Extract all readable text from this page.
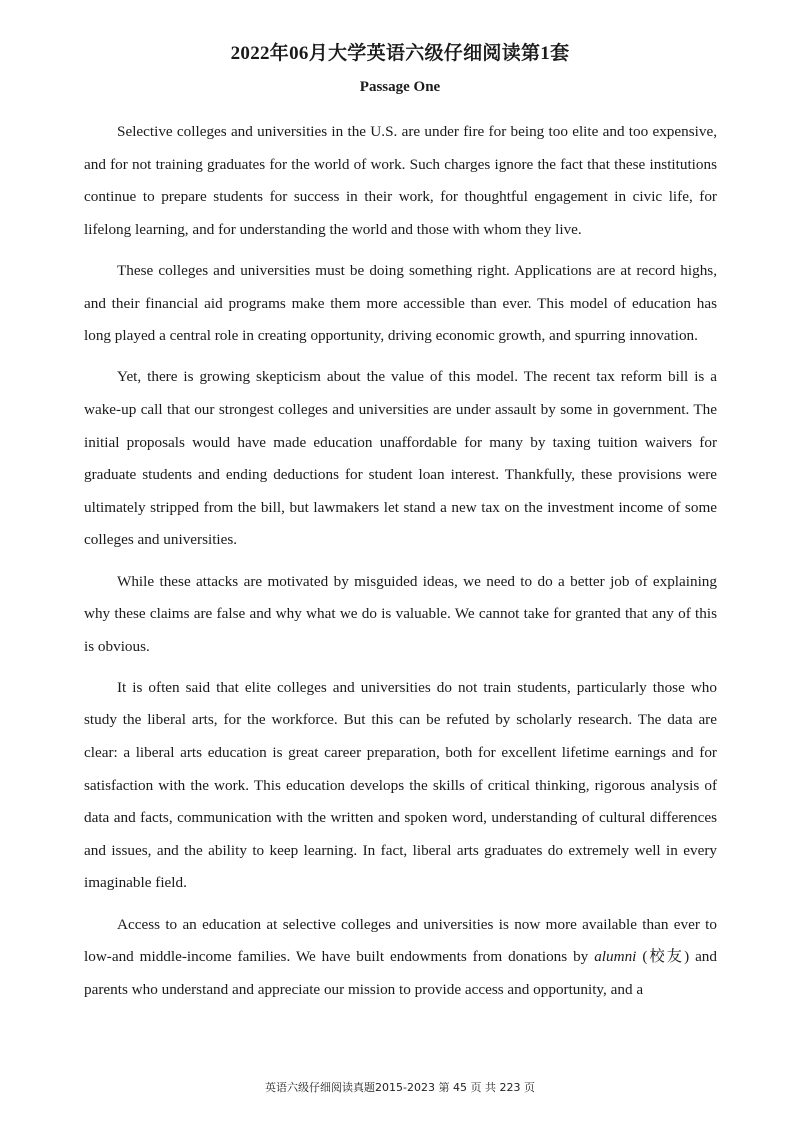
2022年06月大学英语六级仔细阅读第1套
Passage One

Selective colleges and universities in the U.S. are under fire for being too elite and too expensive, and for not training graduates for the world of work. Such charges ignore the fact that these institutions continue to prepare students for success in their work, for thoughtful engagement in civic life, for lifelong learning, and for understanding the world and those with whom they live.

These colleges and universities must be doing something right. Applications are at record highs, and their financial aid programs make them more accessible than ever. This model of education has long played a central role in creating opportunity, driving economic growth, and spurring innovation.

Yet, there is growing skepticism about the value of this model. The recent tax reform bill is a wake-up call that our strongest colleges and universities are under assault by some in government. The initial proposals would have made education unaffordable for many by taxing tuition waivers for graduate students and ending deductions for student loan interest. Thankfully, these provisions were ultimately stripped from the bill, but lawmakers let stand a new tax on the investment income of some colleges and universities.

While these attacks are motivated by misguided ideas, we need to do a better job of explaining why these claims are false and why what we do is valuable. We cannot take for granted that any of this is obvious.

It is often said that elite colleges and universities do not train students, particularly those who study the liberal arts, for the workforce. But this can be refuted by scholarly research. The data are clear: a liberal arts education is great career preparation, both for excellent lifetime earnings and for satisfaction with the work. This education develops the skills of critical thinking, rigorous analysis of data and facts, communication with the written and spoken word, understanding of cultural differences and issues, and the ability to keep learning. In fact, liberal arts graduates do extremely well in every imaginable field.

Access to an education at selective colleges and universities is now more available than ever to low-and middle-income families. We have built endowments from donations by alumni (校友) and parents who understand and appreciate our mission to provide access and opportunity, and a

英语六级仔细阅读真题2015-2023 第 45 页 共 223 页
